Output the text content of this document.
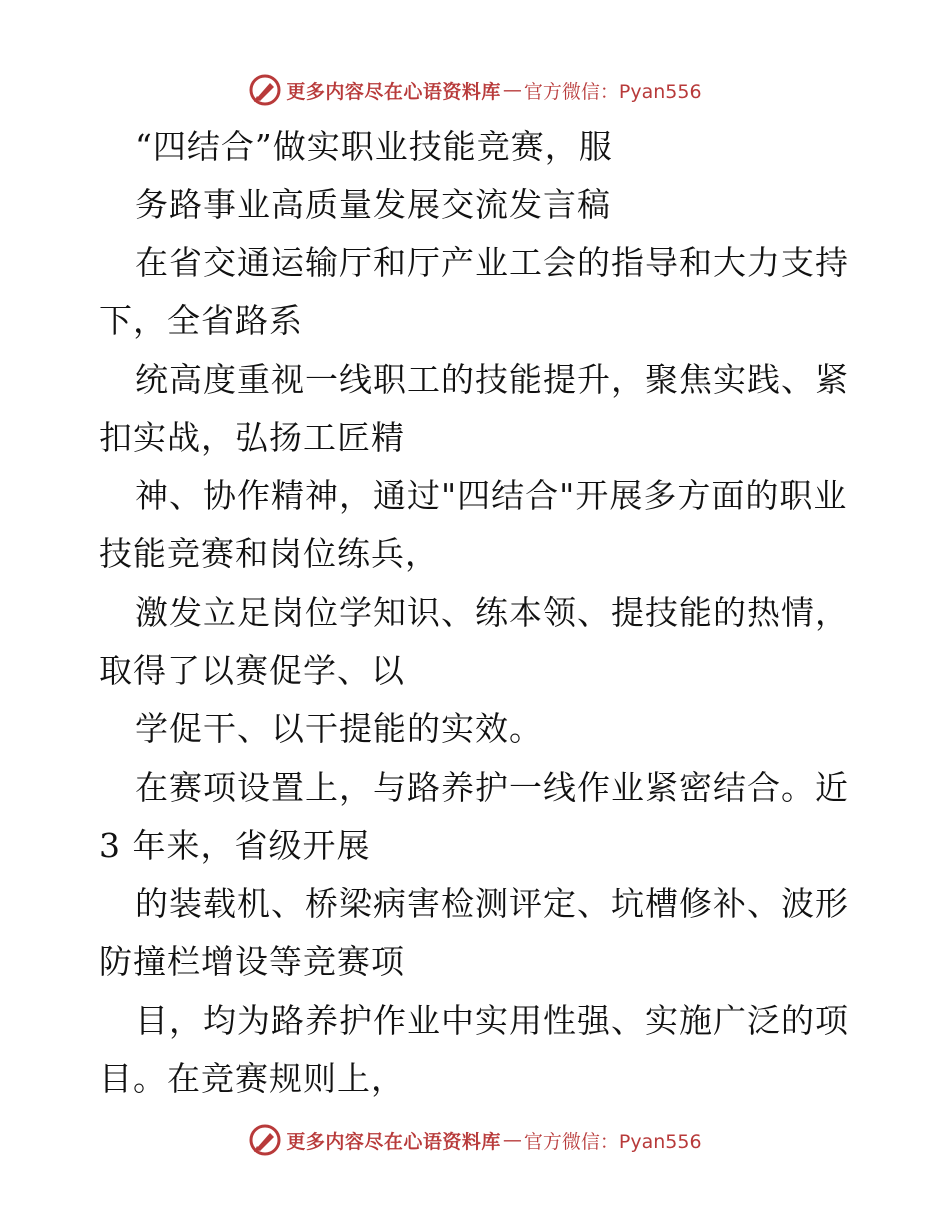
更多内容尽在心语资料库 — 官方微信：Pyan556
“四结合”做实职业技能竞赛，服
务路事业高质量发展交流发言稿
在省交通运输厅和厅产业工会的指导和大力支持
下，全省路系
统高度重视一线职工的技能提升，聚焦实践、紧
扣实战，弘扬工匠精
神、协作精神，通过"四结合"开展多方面的职业
技能竞赛和岗位练兵，
激发立足岗位学知识、练本领、提技能的热情，
取得了以赛促学、以
学促干、以干提能的实效。
在赛项设置上，与路养护一线作业紧密结合。近
3 年来，省级开展
的装载机、桥梁病害检测评定、坑槽修补、波形
防撞栏增设等竞赛项
目，均为路养护作业中实用性强、实施广泛的项
目。在竞赛规则上，
更多内容尽在心语资料库 — 官方微信：Pyan556
